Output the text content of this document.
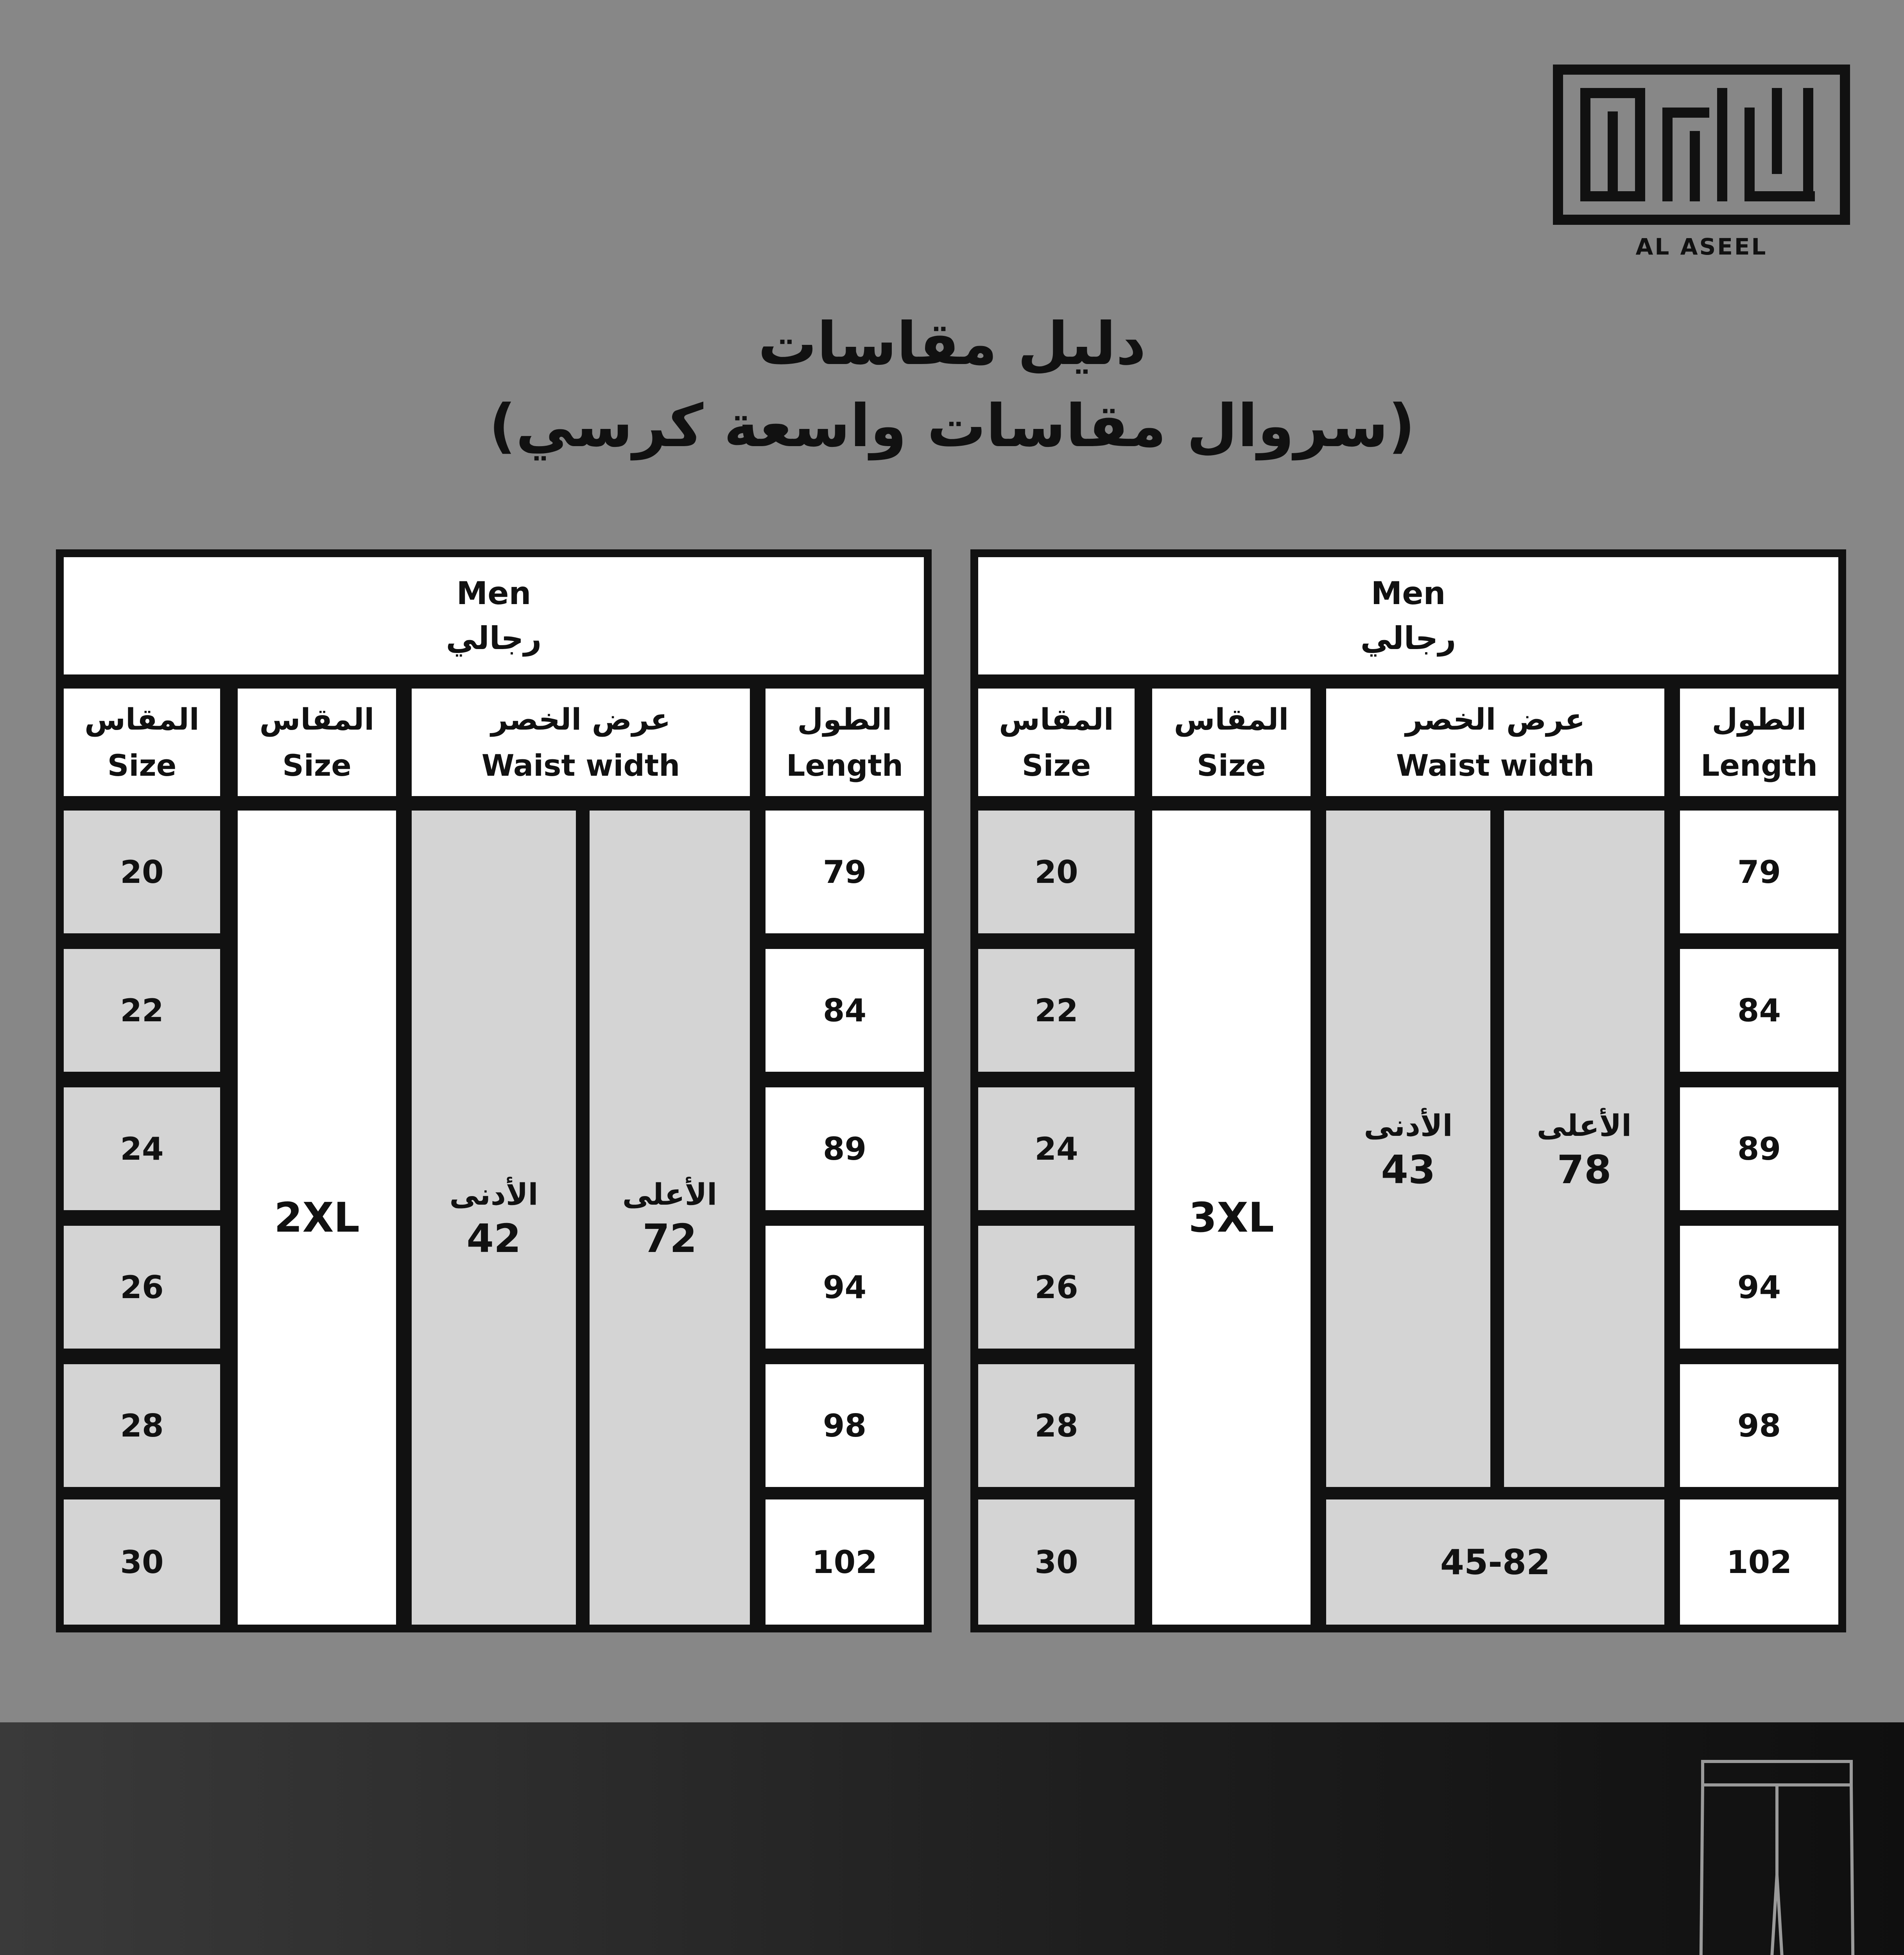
AL ASEEL
دليل مقاسات
(سروال مقاسات واسعة كرسي)
Men
رجالي
المقاس
Size
المقاس
Size
عرض الخصر
Waist width
الطول
Length
20
22
24
26
28
30
2XL	الأدنى
42
الأعلى
72
79
84
89
94
98
102
Men
رجالي
المقاس
Size
المقاس
Size
عرض الخصر
Waist width
الطول
Length
20
22
24
26
28
30
3XL
الأدنى
43
الأعلى
78
45-82
79
84
89
94
98
102
